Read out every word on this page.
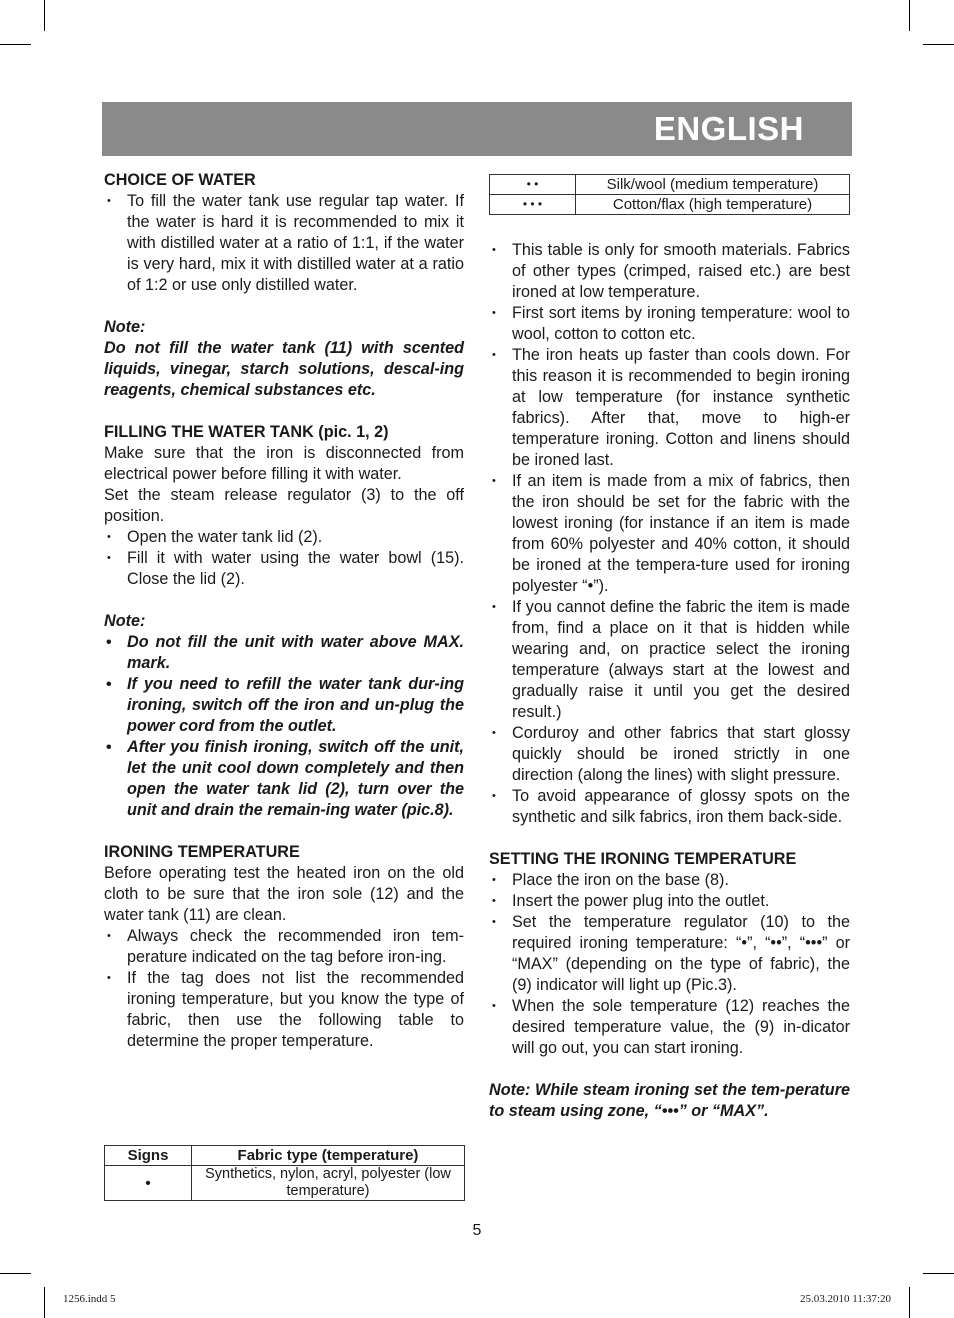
ENGLISH

CHOICE OF WATER

• To fill the water tank use regular tap water. If the water is hard it is recommended to mix it with distilled water at a ratio of 1:1, if the water is very hard, mix it with distilled water at a ratio of 1:2 or use only distilled water.

Note:

Do not fill the water tank (11) with scented liquids, vinegar, starch solutions, descal-ing reagents, chemical substances etc.

FILLING THE WATER TANK (pic. 1, 2)

Make sure that the iron is disconnected from electrical power before filling it with water.

Set the steam release regulator (3) to the off position.

• Open the water tank lid (2).
• Fill it with water using the water bowl (15). Close the lid (2).

Note:

• Do not fill the unit with water above MAX. mark.
• If you need to refill the water tank dur-ing ironing, switch off the iron and un-plug the power cord from the outlet.
• After you finish ironing, switch off the unit, let the unit cool down completely and then open the water tank lid (2), turn over the unit and drain the remain-ing water (pic.8).

IRONING TEMPERATURE

Before operating test the heated iron on the old cloth to be sure that the iron sole (12) and the water tank (11) are clean.

• Always check the recommended iron tem-perature indicated on the tag before iron-ing.
• If the tag does not list the recommended ironing temperature, but you know the type of fabric, then use the following table to determine the proper temperature.
Signs	Fabric type (temperature)
•	Synthetics, nylon, acryl, polyester (low temperature)
• •	Silk/wool (medium temperature)
• • •	Cotton/flax (high temperature)
• This table is only for smooth materials. Fabrics of other types (crimped, raised etc.) are best ironed at low temperature.
• First sort items by ironing temperature: wool to wool, cotton to cotton etc.
• The iron heats up faster than cools down. For this reason it is recommended to begin ironing at low temperature (for instance synthetic fabrics). After that, move to high-er temperature ironing. Cotton and linens should be ironed last.
• If an item is made from a mix of fabrics, then the iron should be set for the fabric with the lowest ironing (for instance if an item is made from 60% polyester and 40% cotton, it should be ironed at the tempera-ture used for ironing polyester “•”).
• If you cannot define the fabric the item is made from, find a place on it that is hidden while wearing and, on practice select the ironing temperature (always start at the lowest and gradually raise it until you get the desired result.)
• Corduroy and other fabrics that start glossy quickly should be ironed strictly in one direction (along the lines) with slight pressure.
• To avoid appearance of glossy spots on the synthetic and silk fabrics, iron them back-side.

SETTING THE IRONING TEMPERATURE

• Place the iron on the base (8).
• Insert the power plug into the outlet.
• Set the temperature regulator (10) to the required ironing temperature: “•”, “••”, “•••” or “MAX” (depending on the type of fabric), the (9) indicator will light up (Pic.3).
• When the sole temperature (12) reaches the desired temperature value, the (9) in-dicator will go out, you can start ironing.

Note: While steam ironing set the tem-perature to steam using zone, “•••” or “MAX”.

5
1256.indd 5	25.03.2010 11:37:20
